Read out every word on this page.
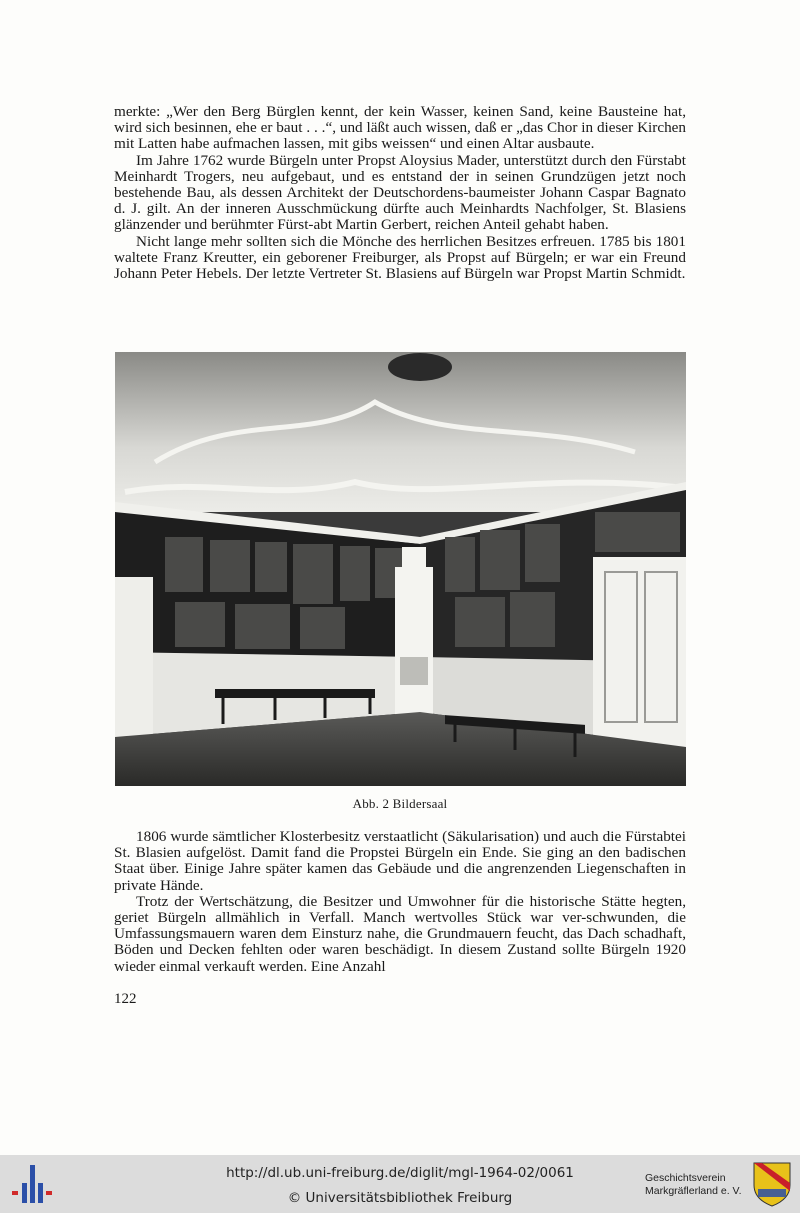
merkte: „Wer den Berg Bürglen kennt, der kein Wasser, keinen Sand, keine Bausteine hat, wird sich besinnen, ehe er baut . . .“, und läßt auch wissen, daß er „das Chor in dieser Kirchen mit Latten habe aufmachen lassen, mit gibs weissen“ und einen Altar ausbaute.

Im Jahre 1762 wurde Bürgeln unter Propst Aloysius Mader, unterstützt durch den Fürstabt Meinhardt Trogers, neu aufgebaut, und es entstand der in seinen Grundzügen jetzt noch bestehende Bau, als dessen Architekt der Deutschordens-baumeister Johann Caspar Bagnato d. J. gilt. An der inneren Ausschmückung dürfte auch Meinhardts Nachfolger, St. Blasiens glänzender und berühmter Fürst-abt Martin Gerbert, reichen Anteil gehabt haben.

Nicht lange mehr sollten sich die Mönche des herrlichen Besitzes erfreuen. 1785 bis 1801 waltete Franz Kreutter, ein geborener Freiburger, als Propst auf Bürgeln; er war ein Freund Johann Peter Hebels. Der letzte Vertreter St. Blasiens auf Bürgeln war Propst Martin Schmidt.

Abb. 2 Bildersaal

1806 wurde sämtlicher Klosterbesitz verstaatlicht (Säkularisation) und auch die Fürstabtei St. Blasien aufgelöst. Damit fand die Propstei Bürgeln ein Ende. Sie ging an den badischen Staat über. Einige Jahre später kamen das Gebäude und die angrenzenden Liegenschaften in private Hände.

Trotz der Wertschätzung, die Besitzer und Umwohner für die historische Stätte hegten, geriet Bürgeln allmählich in Verfall. Manch wertvolles Stück war ver-schwunden, die Umfassungsmauern waren dem Einsturz nahe, die Grundmauern feucht, das Dach schadhaft, Böden und Decken fehlten oder waren beschädigt. In diesem Zustand sollte Bürgeln 1920 wieder einmal verkauft werden. Eine Anzahl

122
http://dl.ub.uni-freiburg.de/diglit/mgl-1964-02/0061
© Universitätsbibliothek Freiburg
Geschichtsverein
Markgräflerland e. V.
